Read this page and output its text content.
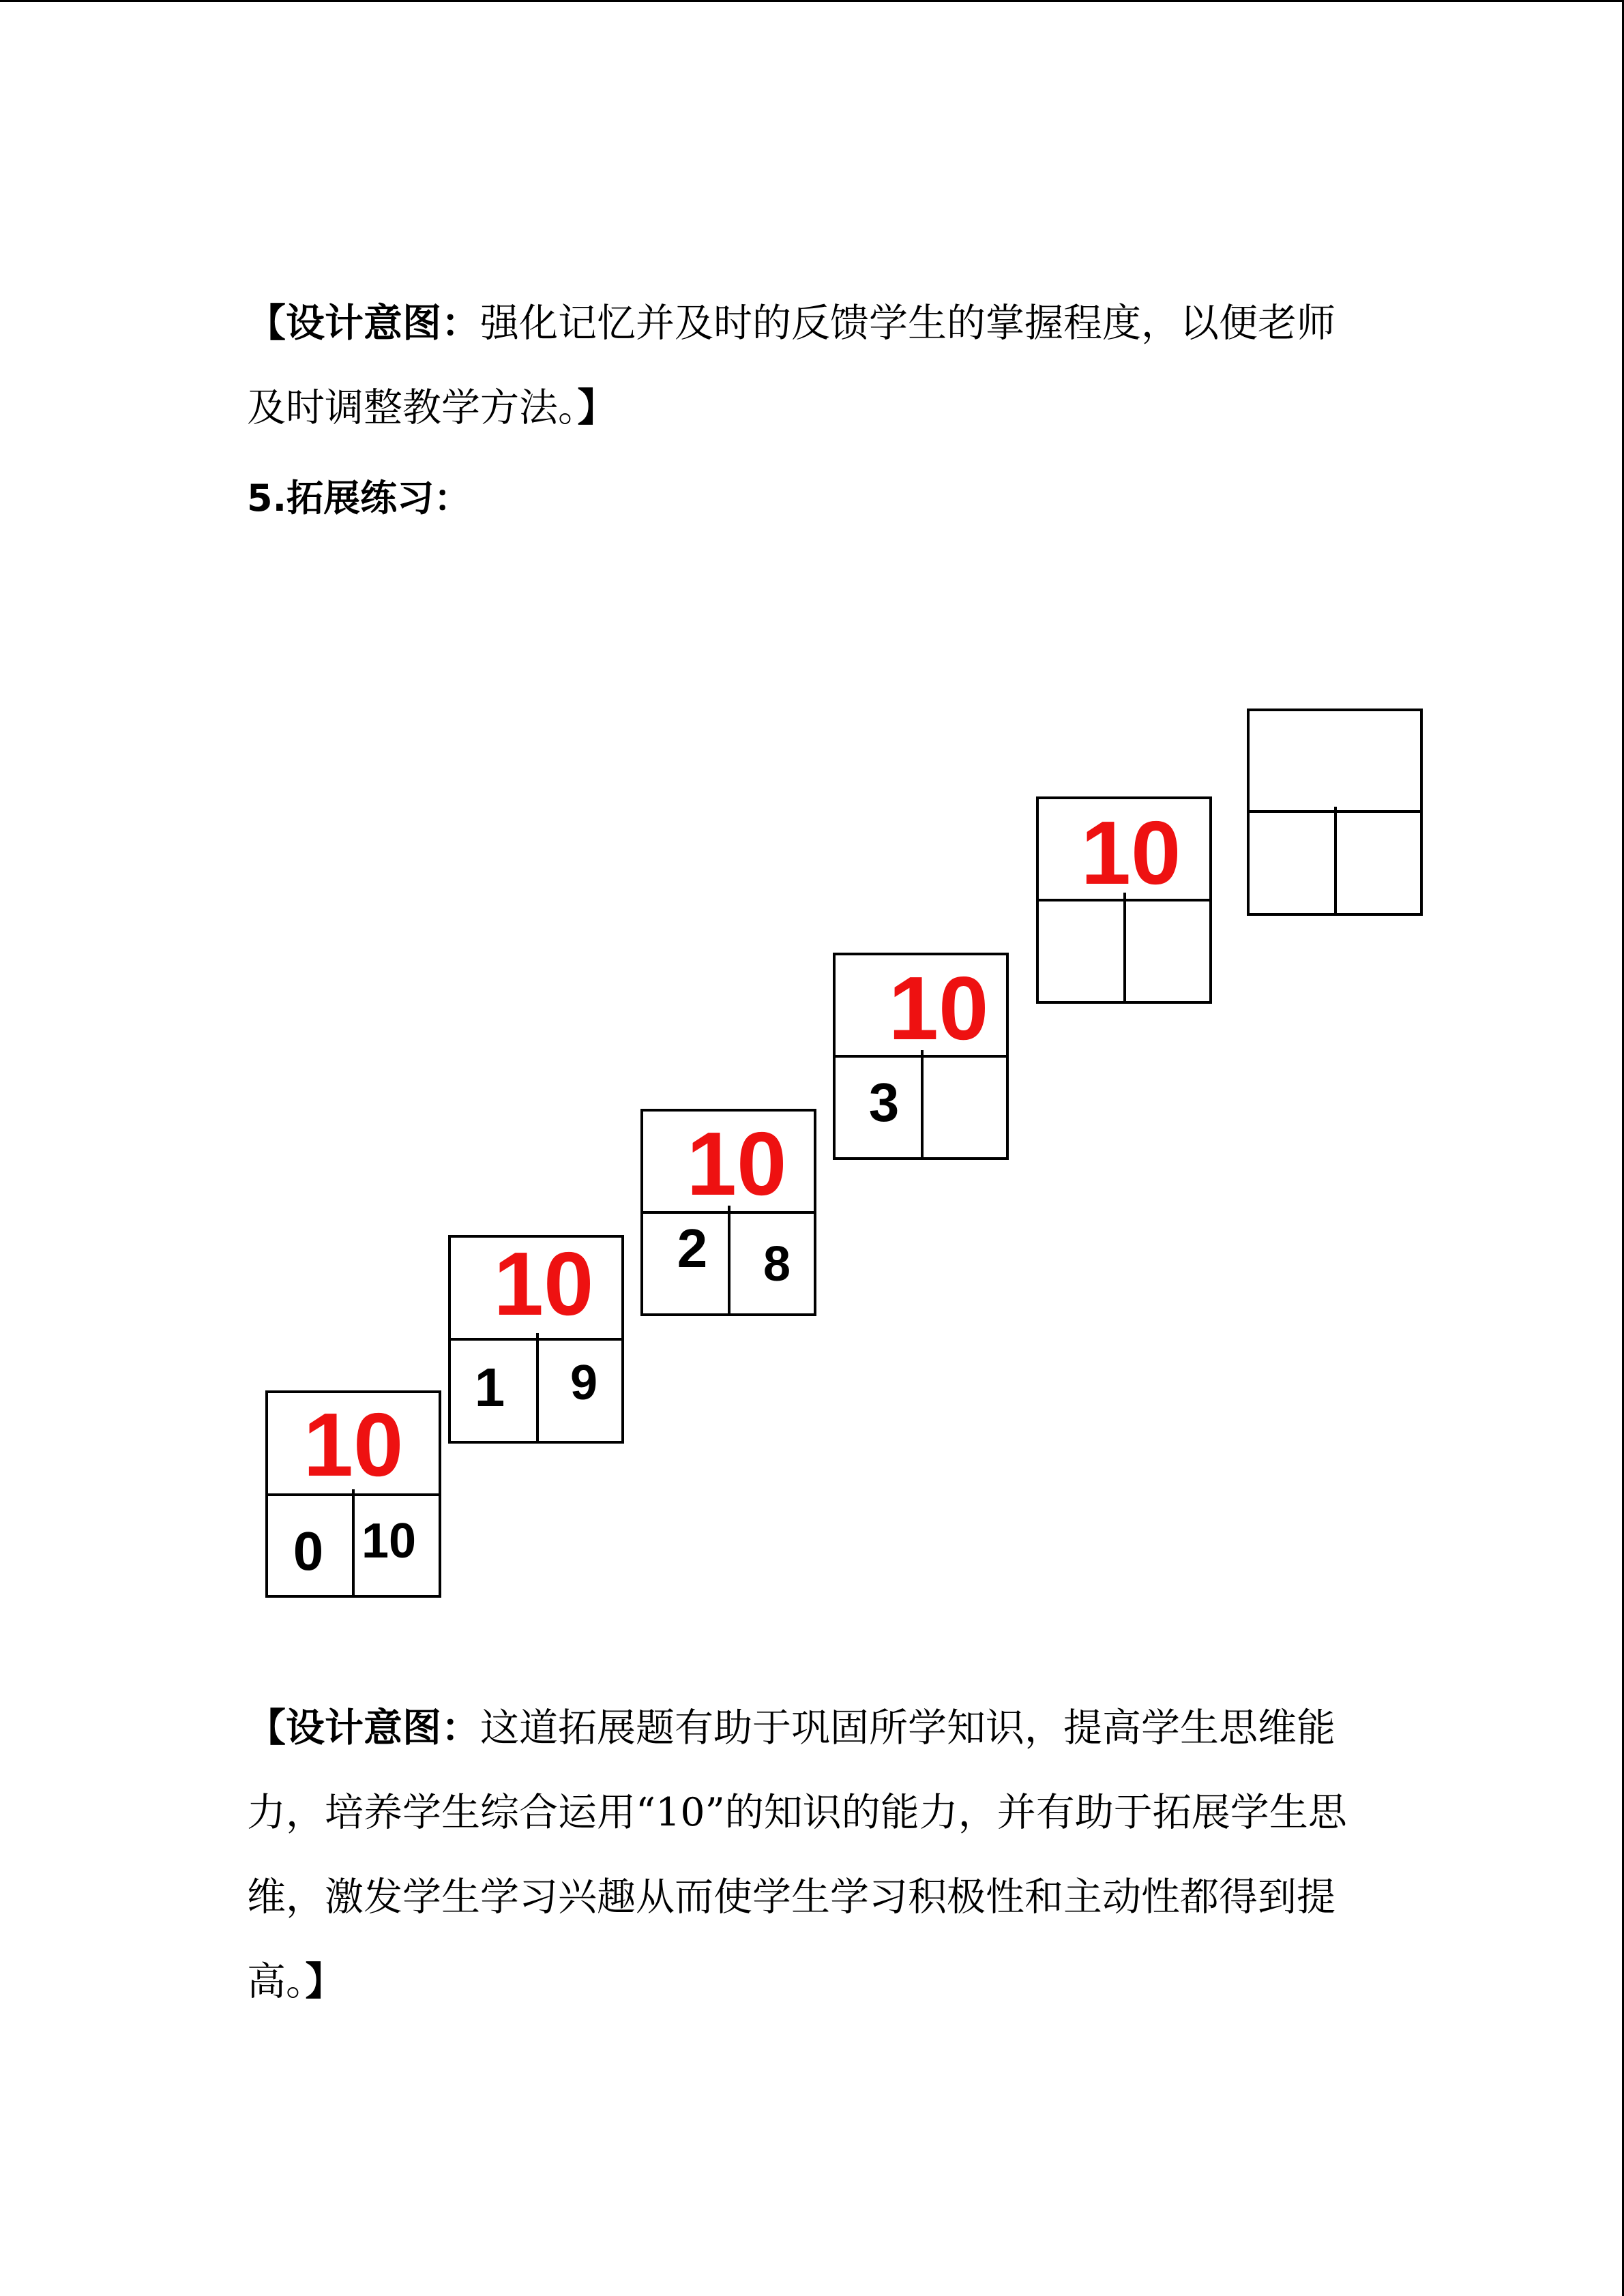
【设计意图：强化记忆并及时的反馈学生的掌握程度，以便老师及时调整教学方法。】

5.拓展练习：

10
0 10
10
1 9
10
2 8
10
3
10

【设计意图：这道拓展题有助于巩固所学知识，提高学生思维能力，培养学生综合运用“10”的知识的能力，并有助于拓展学生思维，激发学生学习兴趣从而使学生学习积极性和主动性都得到提高。】
